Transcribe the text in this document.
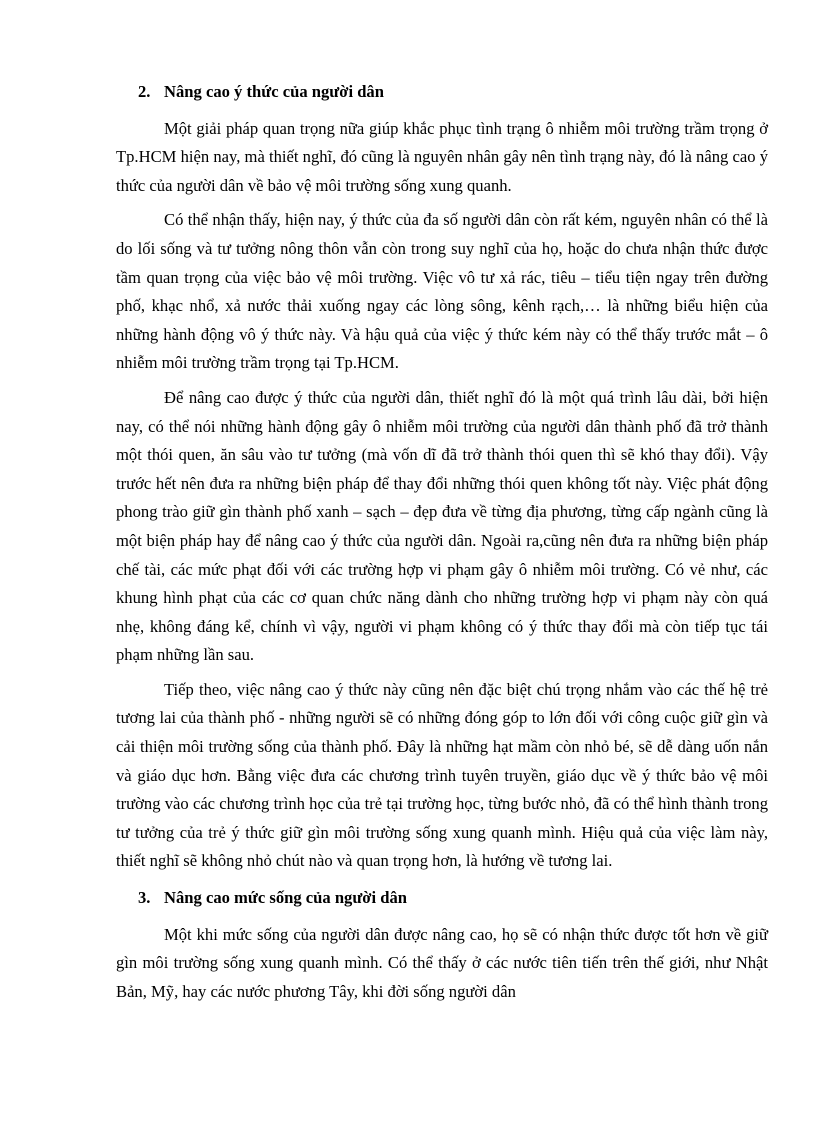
2. Nâng cao ý thức của người dân

Một giải pháp quan trọng nữa giúp khắc phục tình trạng ô nhiễm môi trường trầm trọng ở Tp.HCM hiện nay, mà thiết nghĩ, đó cũng là nguyên nhân gây nên tình trạng này, đó là nâng cao ý thức của người dân về bảo vệ môi trường sống xung quanh.

Có thể nhận thấy, hiện nay, ý thức của đa số người dân còn rất kém, nguyên nhân có thể là do lối sống và tư tưởng nông thôn vẫn còn trong suy nghĩ của họ, hoặc do chưa nhận thức được tầm quan trọng của việc bảo vệ môi trường. Việc vô tư xả rác, tiêu – tiểu tiện ngay trên đường phố, khạc nhổ, xả nước thải xuống ngay các lòng sông, kênh rạch,… là những biểu hiện của những hành động vô ý thức này. Và hậu quả của việc ý thức kém này có thể thấy trước mắt – ô nhiễm môi trường trầm trọng tại Tp.HCM.

Để nâng cao được ý thức của người dân, thiết nghĩ đó là một quá trình lâu dài, bởi hiện nay, có thể nói những hành động gây ô nhiễm môi trường của người dân thành phố đã trở thành một thói quen, ăn sâu vào tư tưởng (mà vốn dĩ đã trở thành thói quen thì sẽ khó thay đổi). Vậy trước hết nên đưa ra những biện pháp để thay đổi những thói quen không tốt này. Việc phát động phong trào giữ gìn thành phố xanh – sạch – đẹp đưa về từng địa phương, từng cấp ngành cũng là một biện pháp hay để nâng cao ý thức của người dân. Ngoài ra,cũng nên đưa ra những biện pháp chế tài, các mức phạt đối với các trường hợp vi phạm gây ô nhiễm môi trường. Có vẻ như, các khung hình phạt của các cơ quan chức năng dành cho những trường hợp vi phạm này còn quá nhẹ, không đáng kể, chính vì vậy, người vi phạm không có ý thức thay đổi mà còn tiếp tục tái phạm những lần sau.

Tiếp theo, việc nâng cao ý thức này cũng nên đặc biệt chú trọng nhắm vào các thế hệ trẻ tương lai của thành phố - những người sẽ có những đóng góp to lớn đối với công cuộc giữ gìn và cải thiện môi trường sống của thành phố. Đây là những hạt mầm còn nhỏ bé, sẽ dễ dàng uốn nắn và giáo dục hơn. Bằng việc đưa các chương trình tuyên truyền, giáo dục về ý thức bảo vệ môi trường vào các chương trình học của trẻ tại trường học, từng bước nhỏ, đã có thể hình thành trong tư tưởng của trẻ ý thức giữ gìn môi trường sống xung quanh mình. Hiệu quả của việc làm này, thiết nghĩ sẽ không nhỏ chút nào và quan trọng hơn, là hướng về tương lai.

3. Nâng cao mức sống của người dân

Một khi mức sống của người dân được nâng cao, họ sẽ có nhận thức được tốt hơn về giữ gìn môi trường sống xung quanh mình. Có thể thấy ở các nước tiên tiến trên thế giới, như Nhật Bản, Mỹ, hay các nước phương Tây, khi đời sống người dân
